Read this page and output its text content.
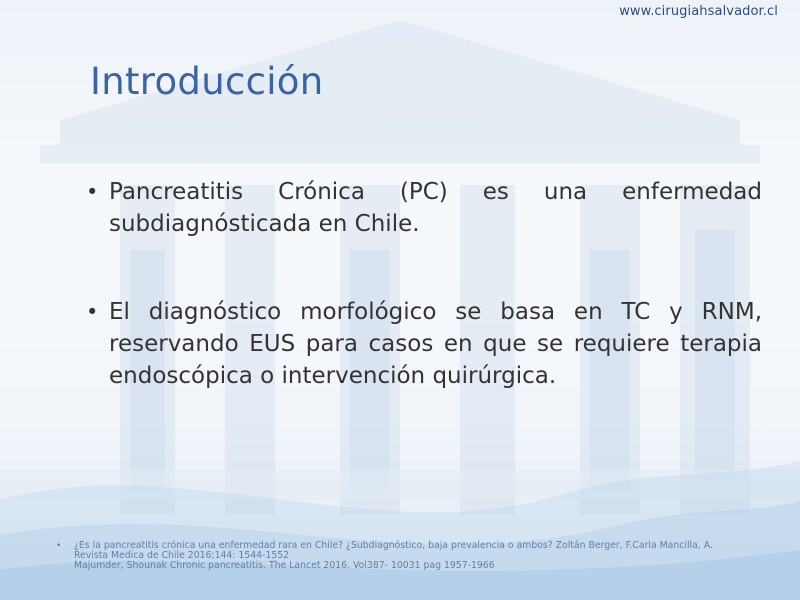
www.cirugiahsalvador.cl
Introducción
• Pancreatitis Crónica (PC) es una enfermedad subdiagnósticada en Chile.
• El diagnóstico morfológico se basa en TC y RNM, reservando EUS para casos en que se requiere terapia endoscópica o intervención quirúrgica.
• ¿Es la pancreatitis crónica una enfermedad rara en Chile? ¿Subdiagnóstico, baja prevalencia o ambos? Zoltán Berger, F.Carla Mancilla, A.
Revista Medica de Chile 2016;144: 1544-1552
Majumder, Shounak Chronic pancreatitis. The Lancet 2016. Vol387- 10031 pag 1957-1966
